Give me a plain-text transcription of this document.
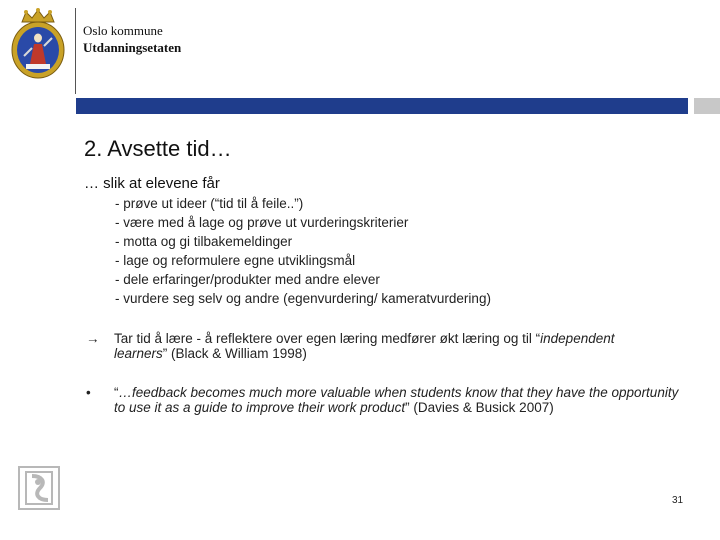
Oslo kommune
Utdanningsetaten
2. Avsette tid…
… slik at elevene får
- prøve ut ideer (“tid til å feile..”)
- være med å lage og prøve ut vurderingskriterier
- motta og gi tilbakemeldinger
- lage og reformulere egne utviklingsmål
- dele erfaringer/produkter med andre elever
- vurdere seg selv og andre (egenvurdering/ kameratvurdering)
→ Tar tid å lære - å reflektere over egen læring medfører økt læring og til “independent learners” (Black & William 1998)
• “…feedback becomes much more valuable when students know that they have the opportunity to use it as a guide to improve their work product” (Davies & Busick 2007)
31
